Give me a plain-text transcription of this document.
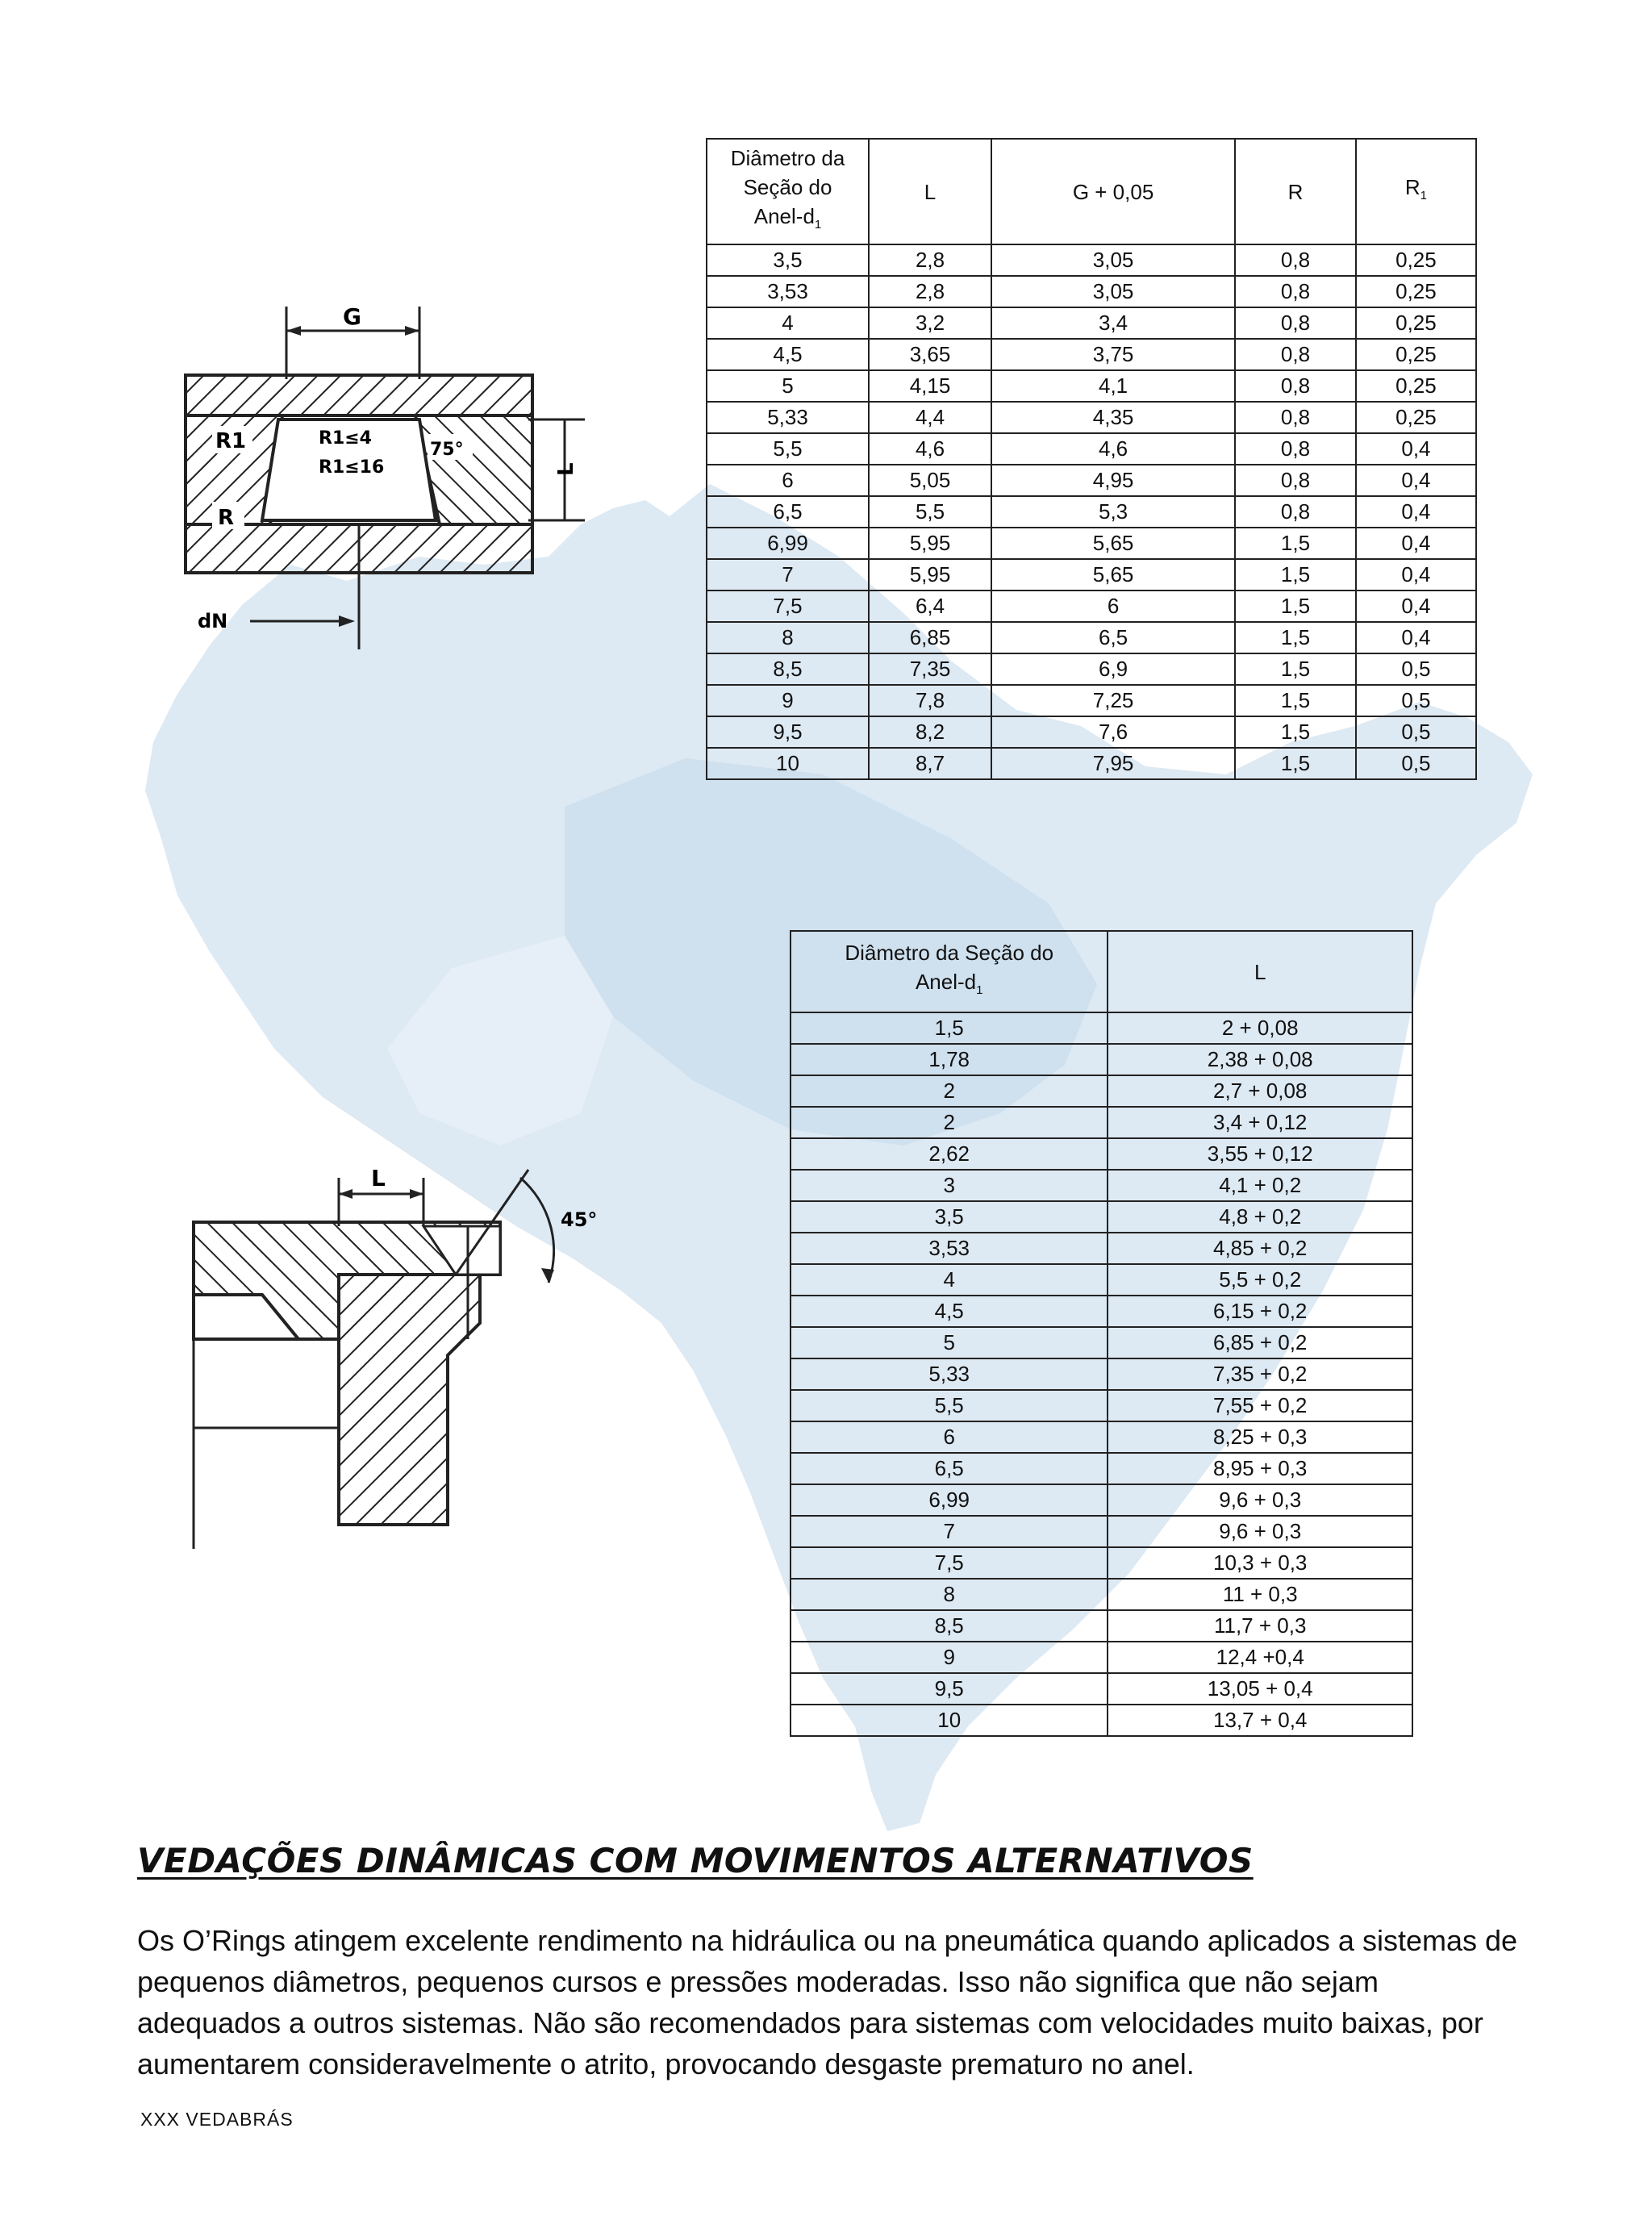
G
L
R1	R1≤4
R1≤16
75°
R
dN
L
45°
Diâmetro da Seção do Anel-$d_1$	L	G + 0,05	R	$R_1$
3,5	2,8	3,05	0,8	0,25
3,53	2,8	3,05	0,8	0,25
4	3,2	3,4	0,8	0,25
4,5	3,65	3,75	0,8	0,25
5	4,15	4,1	0,8	0,25
5,33	4,4	4,35	0,8	0,25
5,5	4,6	4,6	0,8	0,4
6	5,05	4,95	0,8	0,4
6,5	5,5	5,3	0,8	0,4
6,99	5,95	5,65	1,5	0,4
7	5,95	5,65	1,5	0,4
7,5	6,4	6	1,5	0,4
8	6,85	6,5	1,5	0,4
8,5	7,35	6,9	1,5	0,5
9	7,8	7,25	1,5	0,5
9,5	8,2	7,6	1,5	0,5
10	8,7	7,95	1,5	0,5
Diâmetro da Seção do Anel-$d_1$	L
1,5	2 + 0,08
1,78	2,38 + 0,08
2	2,7 + 0,08
2	3,4 + 0,12
2,62	3,55 + 0,12
3	4,1 + 0,2
3,5	4,8 + 0,2
3,53	4,85 + 0,2
4	5,5 + 0,2
4,5	6,15 + 0,2
5	6,85 + 0,2
5,33	7,35 + 0,2
5,5	7,55 + 0,2
6	8,25 + 0,3
6,5	8,95 + 0,3
6,99	9,6 + 0,3
7	9,6 + 0,3
7,5	10,3 + 0,3
8	11 + 0,3
8,5	11,7 + 0,3
9	12,4 +0,4
9,5	13,05 + 0,4
10	13,7 + 0,4
VEDAÇÕES DINÂMICAS COM MOVIMENTOS ALTERNATIVOS

Os O’Rings atingem excelente rendimento na hidráulica ou na pneumática quando aplicados a sistemas de pequenos diâmetros, pequenos cursos e pressões moderadas. Isso não significa que não sejam adequados a outros sistemas. Não são recomendados para sistemas com velocidades muito baixas, por aumentarem consideravelmente o atrito, provocando desgaste prematuro no anel.

XXX VEDABRÁS
